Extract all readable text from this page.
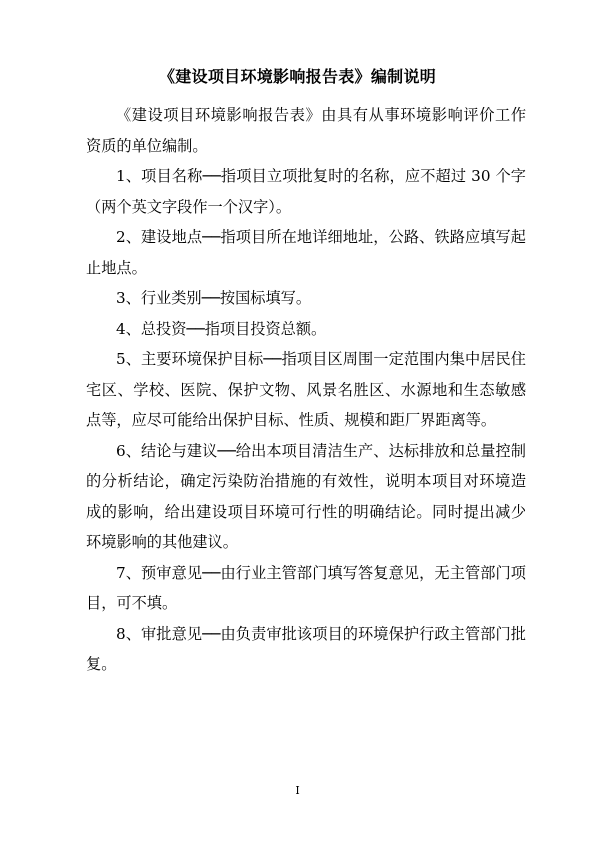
《建设项目环境影响报告表》编制说明

《建设项目环境影响报告表》由具有从事环境影响评价工作资质的单位编制。

1、项目名称──指项目立项批复时的名称，应不超过 30 个字（两个英文字段作一个汉字）。

2、建设地点──指项目所在地详细地址，公路、铁路应填写起止地点。

3、行业类别──按国标填写。

4、总投资──指项目投资总额。

5、主要环境保护目标──指项目区周围一定范围内集中居民住宅区、学校、医院、保护文物、风景名胜区、水源地和生态敏感点等，应尽可能给出保护目标、性质、规模和距厂界距离等。

6、结论与建议──给出本项目清洁生产、达标排放和总量控制的分析结论，确定污染防治措施的有效性，说明本项目对环境造成的影响，给出建设项目环境可行性的明确结论。同时提出减少环境影响的其他建议。

7、预审意见──由行业主管部门填写答复意见，无主管部门项目，可不填。

8、审批意见──由负责审批该项目的环境保护行政主管部门批复。

I
